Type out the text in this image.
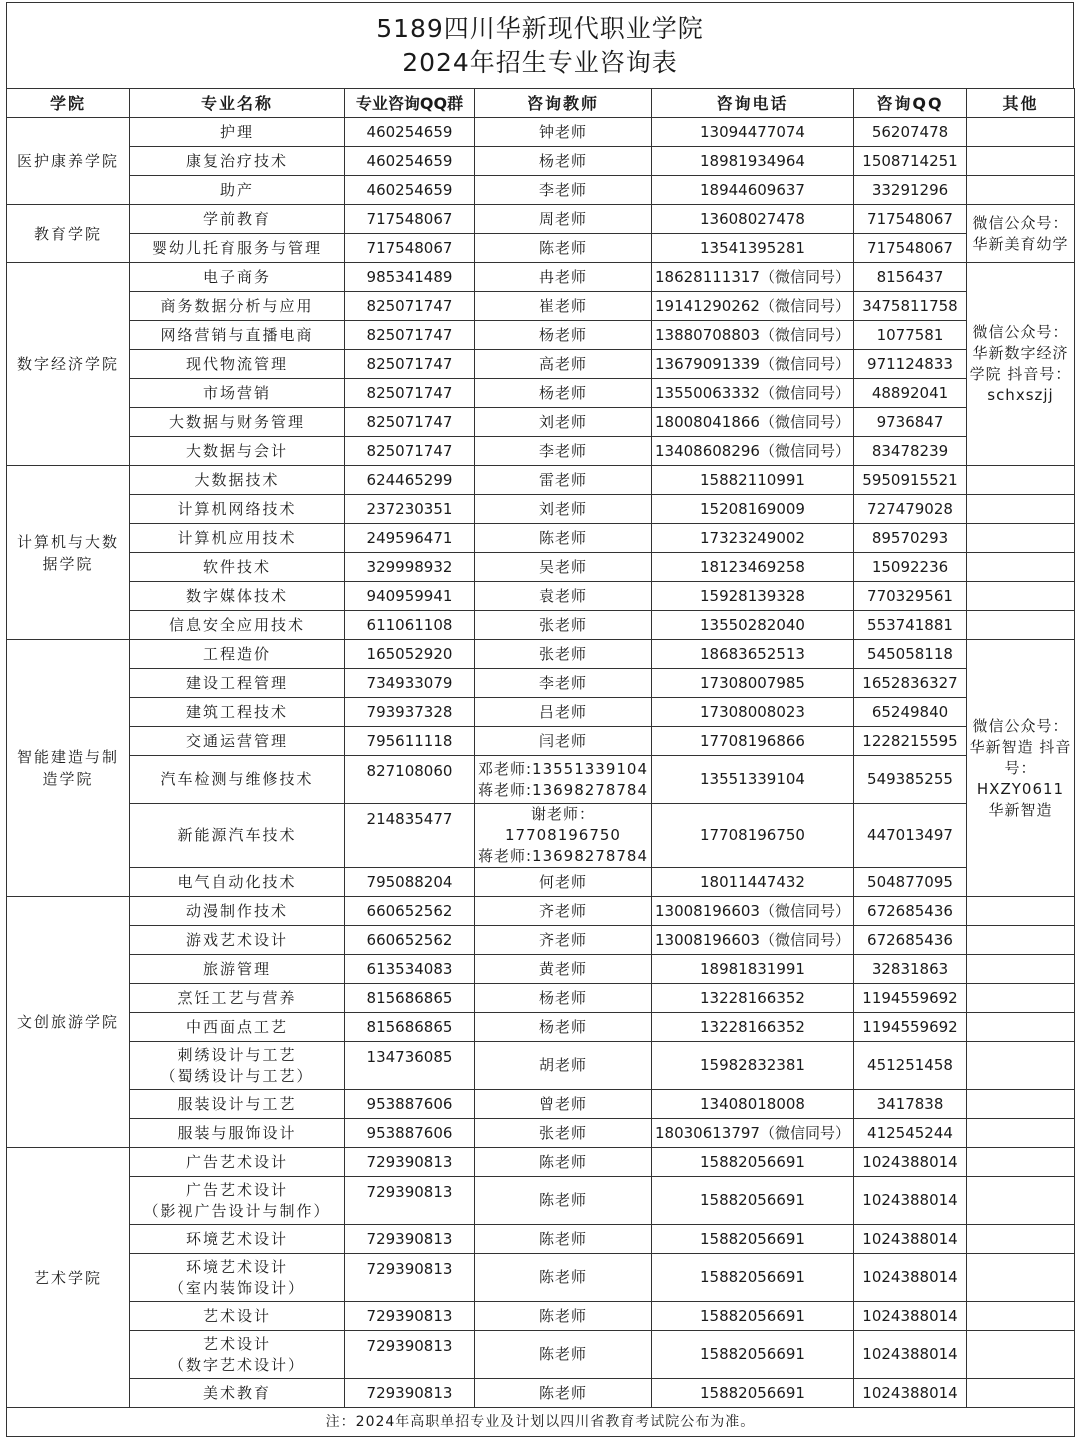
5189四川华新现代职业学院
2024年招生专业咨询表
学院	专业名称	专业咨询QQ群	咨询教师	咨询电话	咨询QQ	其他
医护康养学院	护理	460254659	钟老师	13094477074	56207478	
	康复治疗技术	460254659	杨老师	18981934964	1508714251	
	助产	460254659	李老师	18944609637	33291296	
教育学院	学前教育	717548067	周老师	13608027478	717548067	微信公众号：华新美育幼学
	婴幼儿托育服务与管理	717548067	陈老师	13541395281	717548067	
数字经济学院	电子商务	985341489	冉老师	18628111317（微信同号）	8156437	微信公众号：华新数字经济学院 抖音号：schxszjj
	商务数据分析与应用	825071747	崔老师	19141290262（微信同号）	3475811758	
	网络营销与直播电商	825071747	杨老师	13880708803（微信同号）	1077581	
	现代物流管理	825071747	高老师	13679091339（微信同号）	971124833	
	市场营销	825071747	杨老师	13550063332（微信同号）	48892041	
	大数据与财务管理	825071747	刘老师	18008041866（微信同号）	9736847	
	大数据与会计	825071747	李老师	13408608296（微信同号）	83478239	
计算机与大数据学院	大数据技术	624465299	雷老师	15882110991	5950915521	
	计算机网络技术	237230351	刘老师	15208169009	727479028	
	计算机应用技术	249596471	陈老师	17323249002	89570293	
	软件技术	329998932	吴老师	18123469258	15092236	
	数字媒体技术	940959941	袁老师	15928139328	770329561	
	信息安全应用技术	611061108	张老师	13550282040	553741881	
智能建造与制造学院	工程造价	165052920	张老师	18683652513	545058118	微信公众号：华新智造 抖音号：HXZY0611华新智造
	建设工程管理	734933079	李老师	17308007985	1652836327	
	建筑工程技术	793937328	吕老师	17308008023	65249840	
	交通运营管理	795611118	闫老师	17708196866	1228215595	
	汽车检测与维修技术	827108060	邓老师:13551339104
蒋老师:13698278784	13551339104	549385255	
	新能源汽车技术	214835477	谢老师：17708196750
蒋老师:13698278784	17708196750	447013497	
	电气自动化技术	795088204	何老师	18011447432	504877095	
文创旅游学院	动漫制作技术	660652562	齐老师	13008196603（微信同号）	672685436	
	游戏艺术设计	660652562	齐老师	13008196603（微信同号）	672685436	
	旅游管理	613534083	黄老师	18981831991	32831863	
	烹饪工艺与营养	815686865	杨老师	13228166352	1194559692	
	中西面点工艺	815686865	杨老师	13228166352	1194559692	
	刺绣设计与工艺
（蜀绣设计与工艺）	134736085	胡老师	15982832381	451251458	
	服装设计与工艺	953887606	曾老师	13408018008	3417838	
	服装与服饰设计	953887606	张老师	18030613797（微信同号）	412545244	
艺术学院	广告艺术设计	729390813	陈老师	15882056691	1024388014	
	广告艺术设计
（影视广告设计与制作）	729390813	陈老师	15882056691	1024388014	
	环境艺术设计	729390813	陈老师	15882056691	1024388014	
	环境艺术设计
（室内装饰设计）	729390813	陈老师	15882056691	1024388014	
	艺术设计	729390813	陈老师	15882056691	1024388014	
	艺术设计
（数字艺术设计）	729390813	陈老师	15882056691	1024388014	
	美术教育	729390813	陈老师	15882056691	1024388014	
注：2024年高职单招专业及计划以四川省教育考试院公布为准。						
